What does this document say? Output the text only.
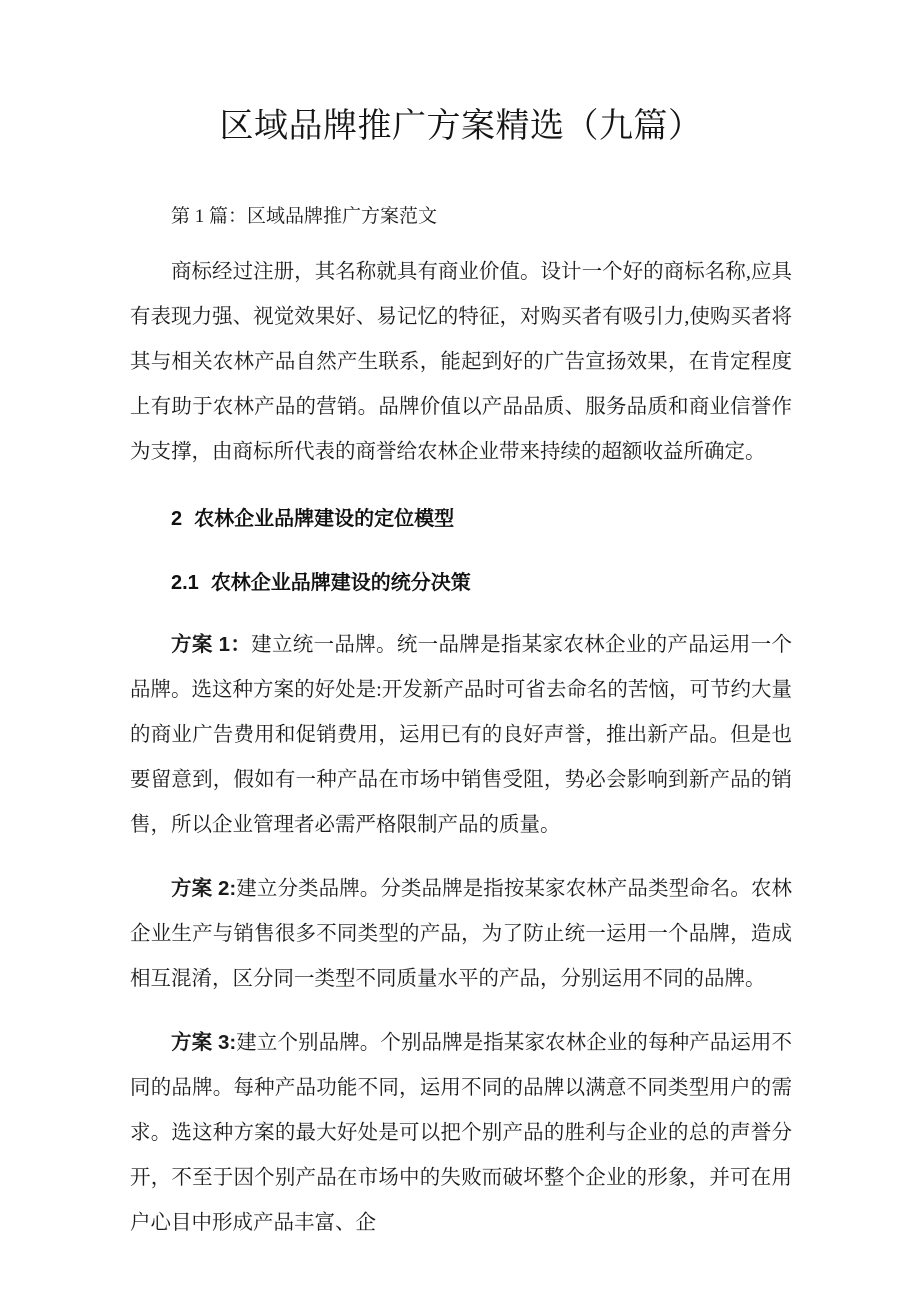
区域品牌推广方案精选（九篇）

第 1 篇：区域品牌推广方案范文

商标经过注册，其名称就具有商业价值。设计一个好的商标名称,应具有表现力强、视觉效果好、易记忆的特征，对购买者有吸引力,使购买者将其与相关农林产品自然产生联系，能起到好的广告宣扬效果，在肯定程度上有助于农林产品的营销。品牌价值以产品品质、服务品质和商业信誉作为支撑，由商标所代表的商誉给农林企业带来持续的超额收益所确定。

2 农林企业品牌建设的定位模型
2.1 农林企业品牌建设的统分决策

方案 1：建立统一品牌。统一品牌是指某家农林企业的产品运用一个品牌。选这种方案的好处是:开发新产品时可省去命名的苦恼，可节约大量的商业广告费用和促销费用，运用已有的良好声誉，推出新产品。但是也要留意到，假如有一种产品在市场中销售受阻，势必会影响到新产品的销售，所以企业管理者必需严格限制产品的质量。

方案 2:建立分类品牌。分类品牌是指按某家农林产品类型命名。农林企业生产与销售很多不同类型的产品，为了防止统一运用一个品牌，造成相互混淆，区分同一类型不同质量水平的产品，分别运用不同的品牌。

方案 3:建立个别品牌。个别品牌是指某家农林企业的每种产品运用不同的品牌。每种产品功能不同，运用不同的品牌以满意不同类型用户的需求。选这种方案的最大好处是可以把个别产品的胜利与企业的总的声誉分开，不至于因个别产品在市场中的失败而破坏整个企业的形象，并可在用户心目中形成产品丰富、企
